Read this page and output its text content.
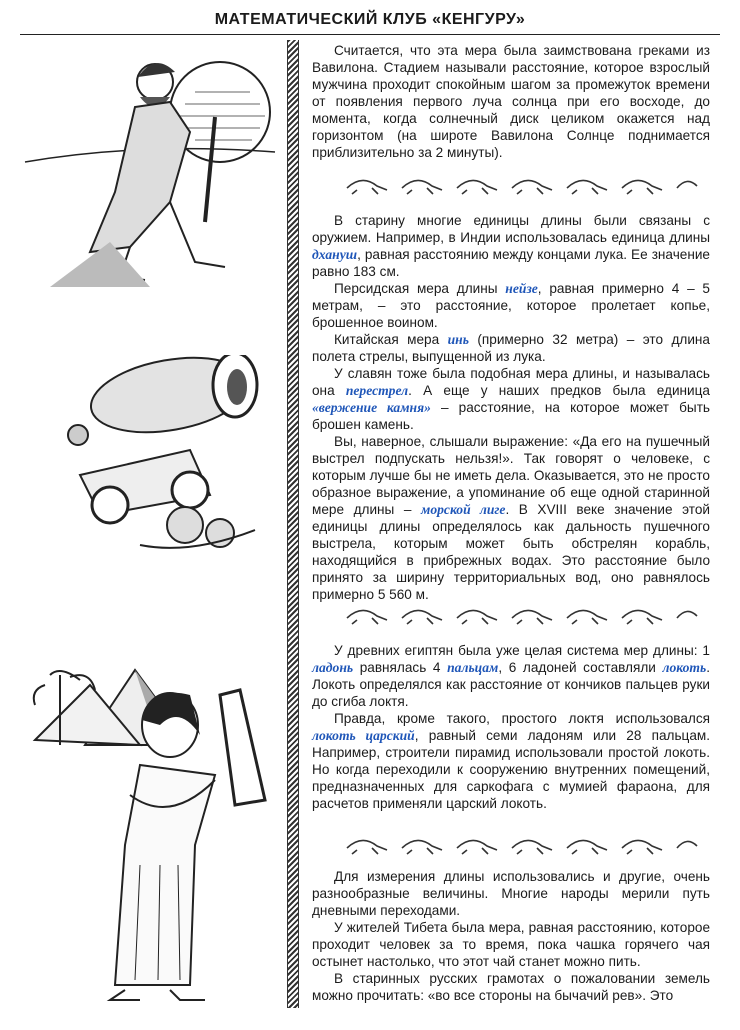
МАТЕМАТИЧЕСКИЙ КЛУБ «КЕНГУРУ»

Считается, что эта мера была заимствована греками из Вавилона. Стадием называли расстояние, которое взрослый мужчина проходит спокойным шагом за промежуток времени от появления первого луча солнца при его восходе, до момента, когда солнечный диск целиком окажется над горизонтом (на широте Вавилона Солнце поднимается приблизительно за 2 минуты).

В старину многие единицы длины были связаны с оружием. Например, в Индии использовалась единица длины дхануш, равная расстоянию между концами лука. Ее значение равно 183 см.

Персидская мера длины нейзе, равная примерно 4 – 5 метрам, – это расстояние, которое пролетает копье, брошенное воином.

Китайская мера инь (примерно 32 метра) – это длина полета стрелы, выпущенной из лука.

У славян тоже была подобная мера длины, и называлась она перестрел. А еще у наших предков была единица «вержение камня» – расстояние, на которое может быть брошен камень.

Вы, наверное, слышали выражение: «Да его на пушечный выстрел подпускать нельзя!». Так говорят о человеке, с которым лучше бы не иметь дела. Оказывается, это не просто образное выражение, а упоминание об еще одной старинной мере длины – морской лиге. В XVIII веке значение этой единицы длины определялось как дальность пушечного выстрела, которым может быть обстрелян корабль, находящийся в прибрежных водах. Это расстояние было принято за ширину территориальных вод, оно равнялось примерно 5 560 м.

У древних египтян была уже целая система мер длины: 1 ладонь равнялась 4 пальцам, 6 ладоней составляли локоть. Локоть определялся как расстояние от кончиков пальцев руки до сгиба локтя.

Правда, кроме такого, простого локтя использовался локоть царский, равный семи ладоням или 28 пальцам. Например, строители пирамид использовали простой локоть. Но когда переходили к сооружению внутренних помещений, предназначенных для саркофага с мумией фараона, для расчетов применяли царский локоть.

Для измерения длины использовались и другие, очень разнообразные величины. Многие народы мерили путь дневными переходами.

У жителей Тибета была мера, равная расстоянию, которое проходит человек за то время, пока чашка горячего чая остынет настолько, что этот чай станет можно пить.

В старинных русских грамотах о пожаловании земель можно прочитать: «во все стороны на бычачий рев». Это
